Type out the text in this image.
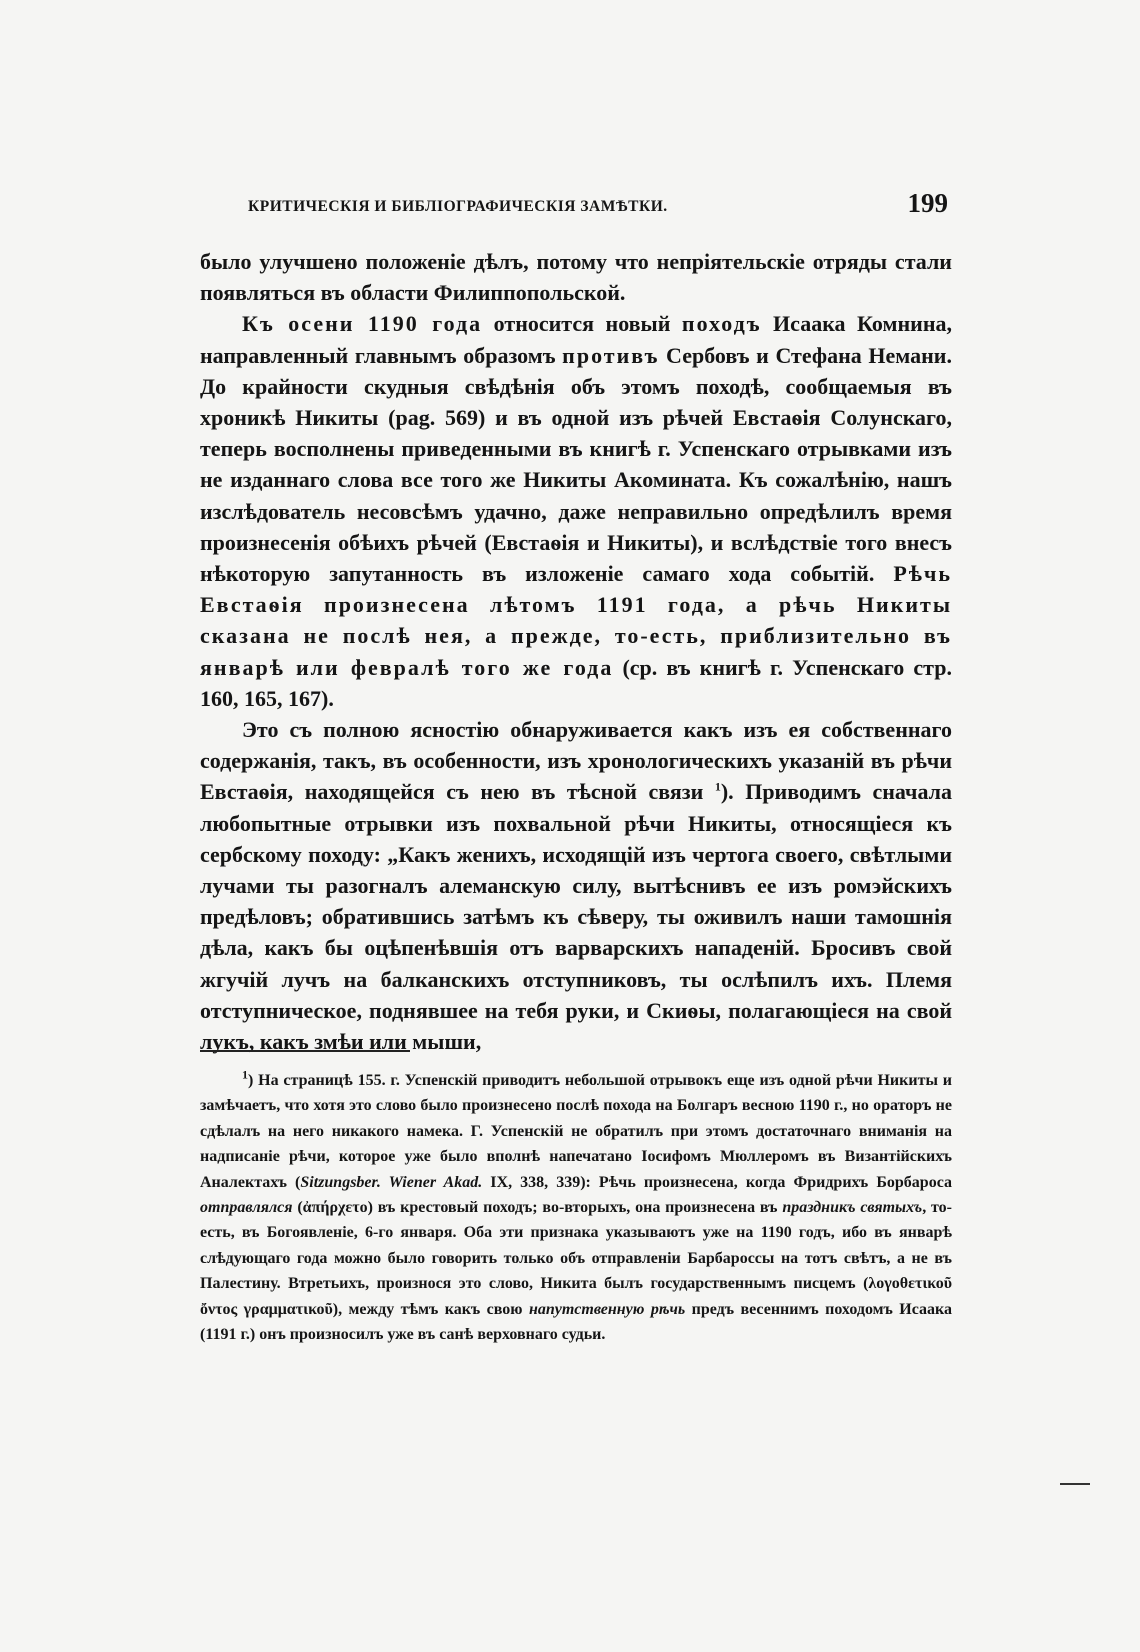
КРИТИЧЕСКІЯ И БИБЛІОГРАФИЧЕСКІЯ ЗАМѢТКИ.	199

было улучшено положеніе дѣлъ, потому что непріятельскіе отряды стали появляться въ области Филиппопольской.

Къ осени 1190 года относится новый походъ Исаака Комнина, направленный главнымъ образомъ противъ Сербовъ и Стефана Немани. До крайности скудныя свѣдѣнія объ этомъ походѣ, сообщаемыя въ хроникѣ Никиты (pag. 569) и въ одной изъ рѣчей Евстаѳія Солунскаго, теперь восполнены приведенными въ книгѣ г. Успенскаго отрывками изъ не изданнаго слова все того же Никиты Акомината. Къ сожалѣнію, нашъ изслѣдователь несовсѣмъ удачно, даже неправильно опредѣлилъ время произнесенія обѣихъ рѣчей (Евстаѳія и Никиты), и вслѣдствіе того внесъ нѣкоторую запутанность въ изложеніе самаго хода событій. Рѣчь Евстаѳія произнесена лѣтомъ 1191 года, а рѣчь Никиты сказана не послѣ нея, а прежде, то-есть, приблизительно въ январѣ или февралѣ того же года (ср. въ книгѣ г. Успенскаго стр. 160, 165, 167).

Это съ полною ясностію обнаруживается какъ изъ ея собственнаго содержанія, такъ, въ особенности, изъ хронологическихъ указаній въ рѣчи Евстаѳія, находящейся съ нею въ тѣсной связи $^1$). Приводимъ сначала любопытные отрывки изъ похвальной рѣчи Никиты, относящіеся къ сербскому походу: „Какъ женихъ, исходящій изъ чертога своего, свѣтлыми лучами ты разогналъ алеманскую силу, вытѣснивъ ее изъ ромэйскихъ предѣловъ; обратившись затѣмъ къ сѣверу, ты оживилъ наши тамошнія дѣла, какъ бы оцѣпенѣвшія отъ варварскихъ нападеній. Бросивъ свой жгучій лучъ на балканскихъ отступниковъ, ты ослѣпилъ ихъ. Племя отступническое, поднявшее на тебя руки, и Скиѳы, полагающіеся на свой лукъ, какъ змѣи или мыши,

$^1$) На страницѣ 155. г. Успенскій приводитъ небольшой отрывокъ еще изъ одной рѣчи Никиты и замѣчаетъ, что хотя это слово было произнесено послѣ похода на Болгаръ весною 1190 г., но ораторъ не сдѣлалъ на него никакого намека. Г. Успенскій не обратилъ при этомъ достаточнаго вниманія на надписаніе рѣчи, которое уже было вполнѣ напечатано Іосифомъ Мюллеромъ въ Византійскихъ Аналектахъ (Sitzungsber. Wiener Akad. IX, 338, 339): Рѣчь произнесена, когда Фридрихъ Борбароса отправлялся (ἀπήρχετο) въ крестовый походъ; во-вторыхъ, она произнесена въ праздникъ святыхъ, то-есть, въ Богоявленіе, 6-го января. Оба эти признака указываютъ уже на 1190 годъ, ибо въ январѣ слѣдующаго года можно было говорить только объ отправленіи Барбароссы на тотъ свѣтъ, а не въ Палестину. Втретьихъ, произнося это слово, Никита былъ государственнымъ писцемъ (λογοθετικοῦ ὄντος γραμματικοῦ), между тѣмъ какъ свою напутственную рѣчь предъ весеннимъ походомъ Исаака (1191 г.) онъ произносилъ уже въ санѣ верховнаго судьи.
